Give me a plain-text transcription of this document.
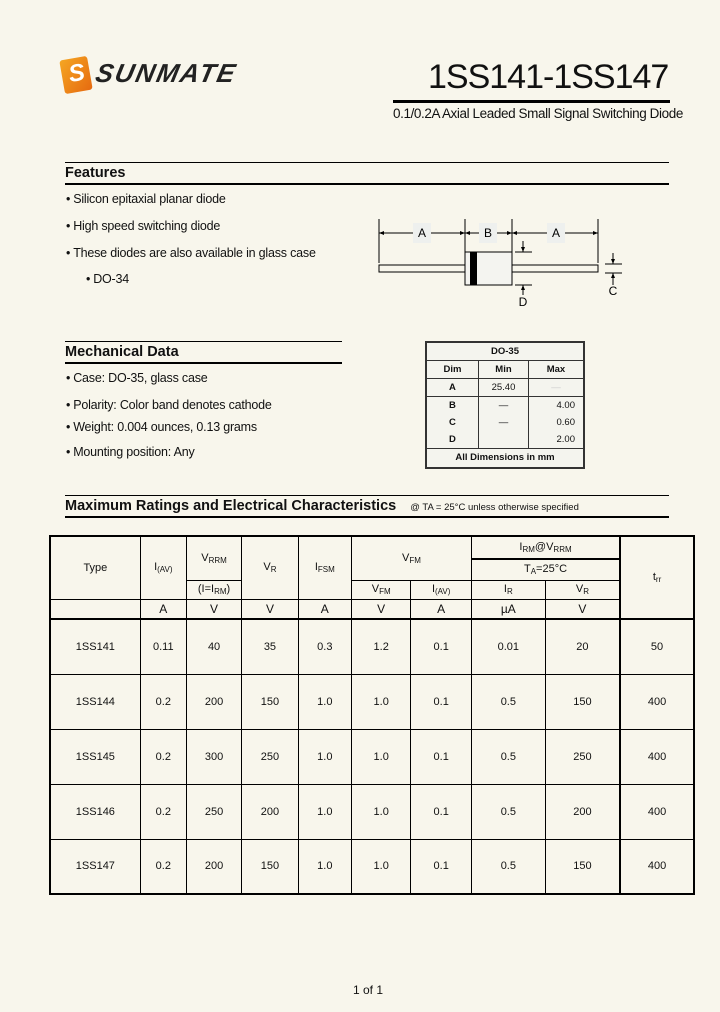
S SUNMATE	1SS141-1SS147
0.1/0.2A Axial Leaded Small Signal Switching Diode
Features
• Silicon epitaxial planar diode
• High speed switching diode
• These diodes are also available in glass case
• DO-34
A	B	A
D
C
Mechanical Data
• Case: DO-35, glass case
• Polarity: Color band denotes cathode
• Weight: 0.004 ounces, 0.13 grams
• Mounting position: Any
DO-35		
Dim	Min	Max
A	25.40	—
B	—	4.00
C	—	0.60
D		2.00
All Dimensions in mm		
Maximum Ratings and Electrical Characteristics @ TA = 25°C unless otherwise specified
Type	$I_{(AV)}$	$V_{RRM}$	$V_R$	$I_{FSM}$	$V_{FM}$		$I_{RM}@V_{RRM}$		$t_{rr}$
							$T_A=25^\circ C$		
		$(I=I_{RM})$			$V_{FM}$	$I_{(AV)}$	$I_R$	$V_R$
	A	V	V	A	V	A	µA	V	
1SS141	0.11	40	35	0.3	1.2	0.1	0.01	20	50
1SS144	0.2	200	150	1.0	1.0	0.1	0.5	150	400
1SS145	0.2	300	250	1.0	1.0	0.1	0.5	250	400
1SS146	0.2	250	200	1.0	1.0	0.1	0.5	200	400
1SS147	0.2	200	150	1.0	1.0	0.1	0.5	150	400
1 of 1
